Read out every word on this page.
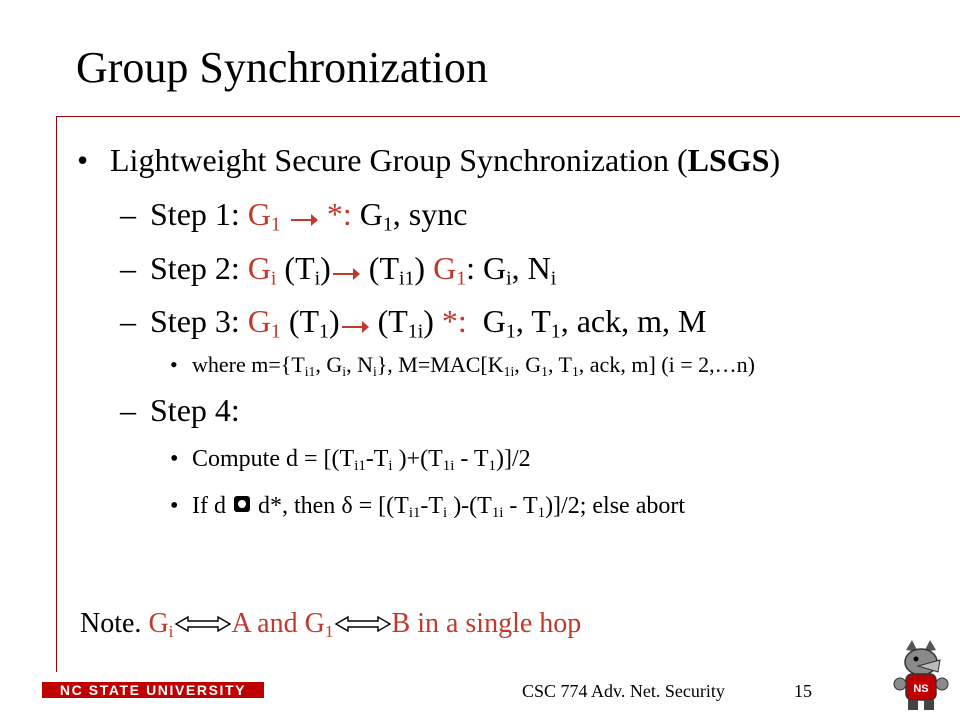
Group Synchronization
• Lightweight Secure Group Synchronization (LSGS)
– Step 1: $G_1$ *: $G_1$, sync
– Step 2: $G_i$ $(T_i)$ $(T_{i1})$ $G_1$: $G_i$, $N_i$
– Step 3: $G_1$ $(T_1)$ $(T_{1i})$ *:  $G_1$, $T_1$, ack, m, M
• where $m=\{T_{i1}$, $G_i$, $N_i$}, $M=MAC[K_{1i}$, $G_1$, $T_1$, ack, m] (i = 2,…n)
– Step 4:
• Compute $d = [(T_{i1}-T_i$ )$+(T_{1i} - T_1)]/2$
• If d d*, then $\delta = [(T_{i1}-T_i$ )$-(T_{1i} - T_1)]/2$; else abort
Note. $G_i$ A and $G_1$ B in a single hop
NC STATE UNIVERSITY	CSC 774 Adv. Net. Security	15	NS
